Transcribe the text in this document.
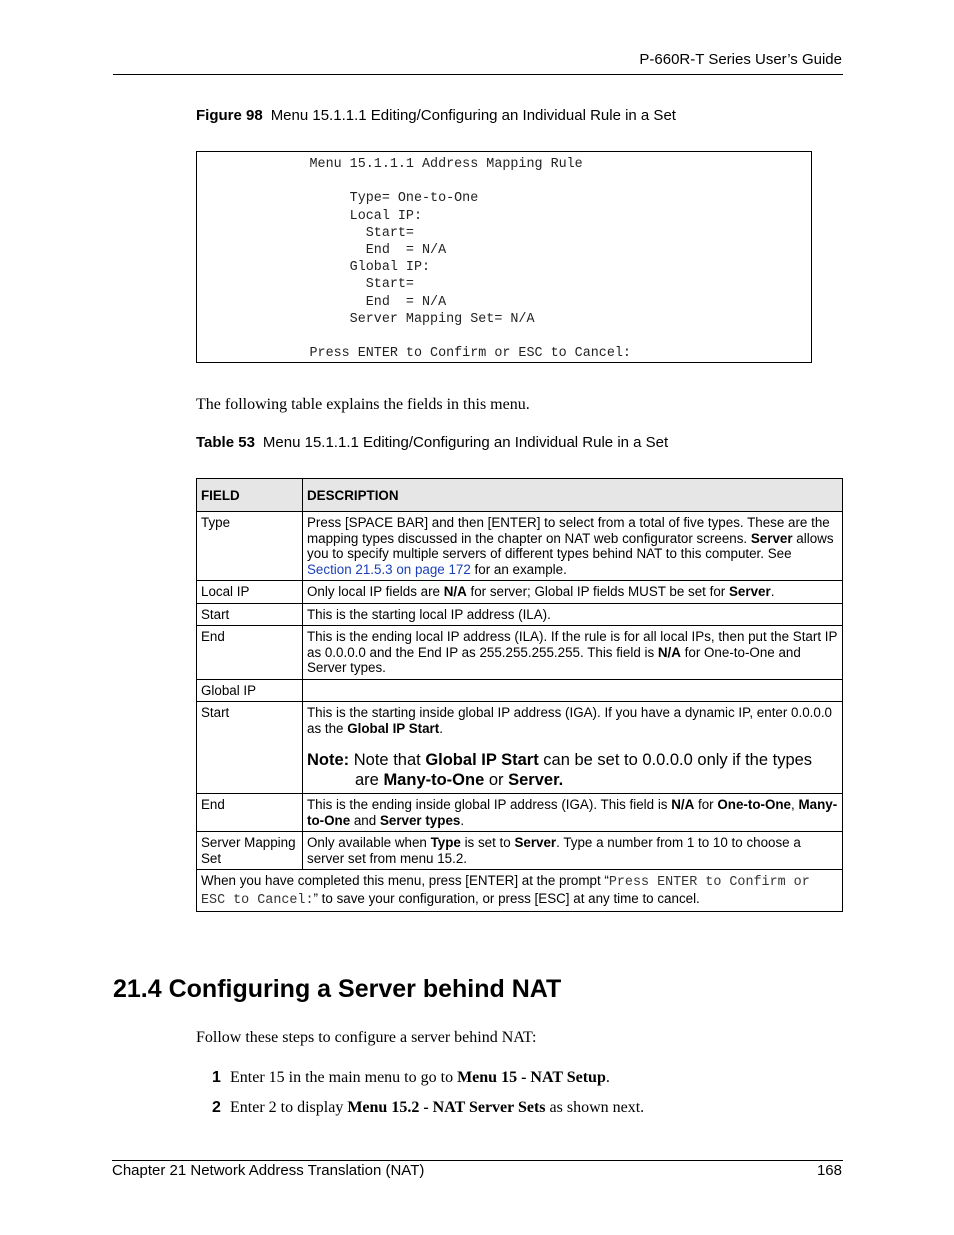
P-660R-T Series User’s Guide
Figure 98 Menu 15.1.1.1 Editing/Configuring an Individual Rule in a Set
Menu 15.1.1.1 Address Mapping Rule

Type= One-to-One
Local IP:
Start=
End  = N/A
Global IP:
Start=
End  = N/A
Server Mapping Set= N/A

Press ENTER to Confirm or ESC to Cancel:
The following table explains the fields in this menu.
Table 53 Menu 15.1.1.1 Editing/Configuring an Individual Rule in a Set
FIELD	DESCRIPTION
Type	Press [SPACE BAR] and then [ENTER] to select from a total of five types. These are the mapping types discussed in the chapter on NAT web configurator screens. Server allows you to specify multiple servers of different types behind NAT to this computer. See Section 21.5.3 on page 172 for an example.
Local IP	Only local IP fields are N/A for server; Global IP fields MUST be set for Server.
Start	This is the starting local IP address (ILA).
End	This is the ending local IP address (ILA). If the rule is for all local IPs, then put the Start IP as 0.0.0.0 and the End IP as 255.255.255.255. This field is N/A for One-to-One and Server types.
Global IP	
Start	This is the starting inside global IP address (IGA). If you have a dynamic IP, enter 0.0.0.0 as the Global IP Start.
Note: Note that Global IP Start can be set to 0.0.0.0 only if the types are Many-to-One or Server.

End	This is the ending inside global IP address (IGA). This field is N/A for One-to-One, Many-to-One and Server types.
Server Mapping Set	Only available when Type is set to Server. Type a number from 1 to 10 to choose a server set from menu 15.2.
When you have completed this menu, press [ENTER] at the prompt “Press ENTER to Confirm or ESC to Cancel:” to save your configuration, or press [ESC] at any time to cancel.	
21.4 Configuring a Server behind NAT
Follow these steps to configure a server behind NAT:
1 Enter 15 in the main menu to go to Menu 15 - NAT Setup.
2 Enter 2 to display Menu 15.2 - NAT Server Sets as shown next.
Chapter 21 Network Address Translation (NAT)	168
